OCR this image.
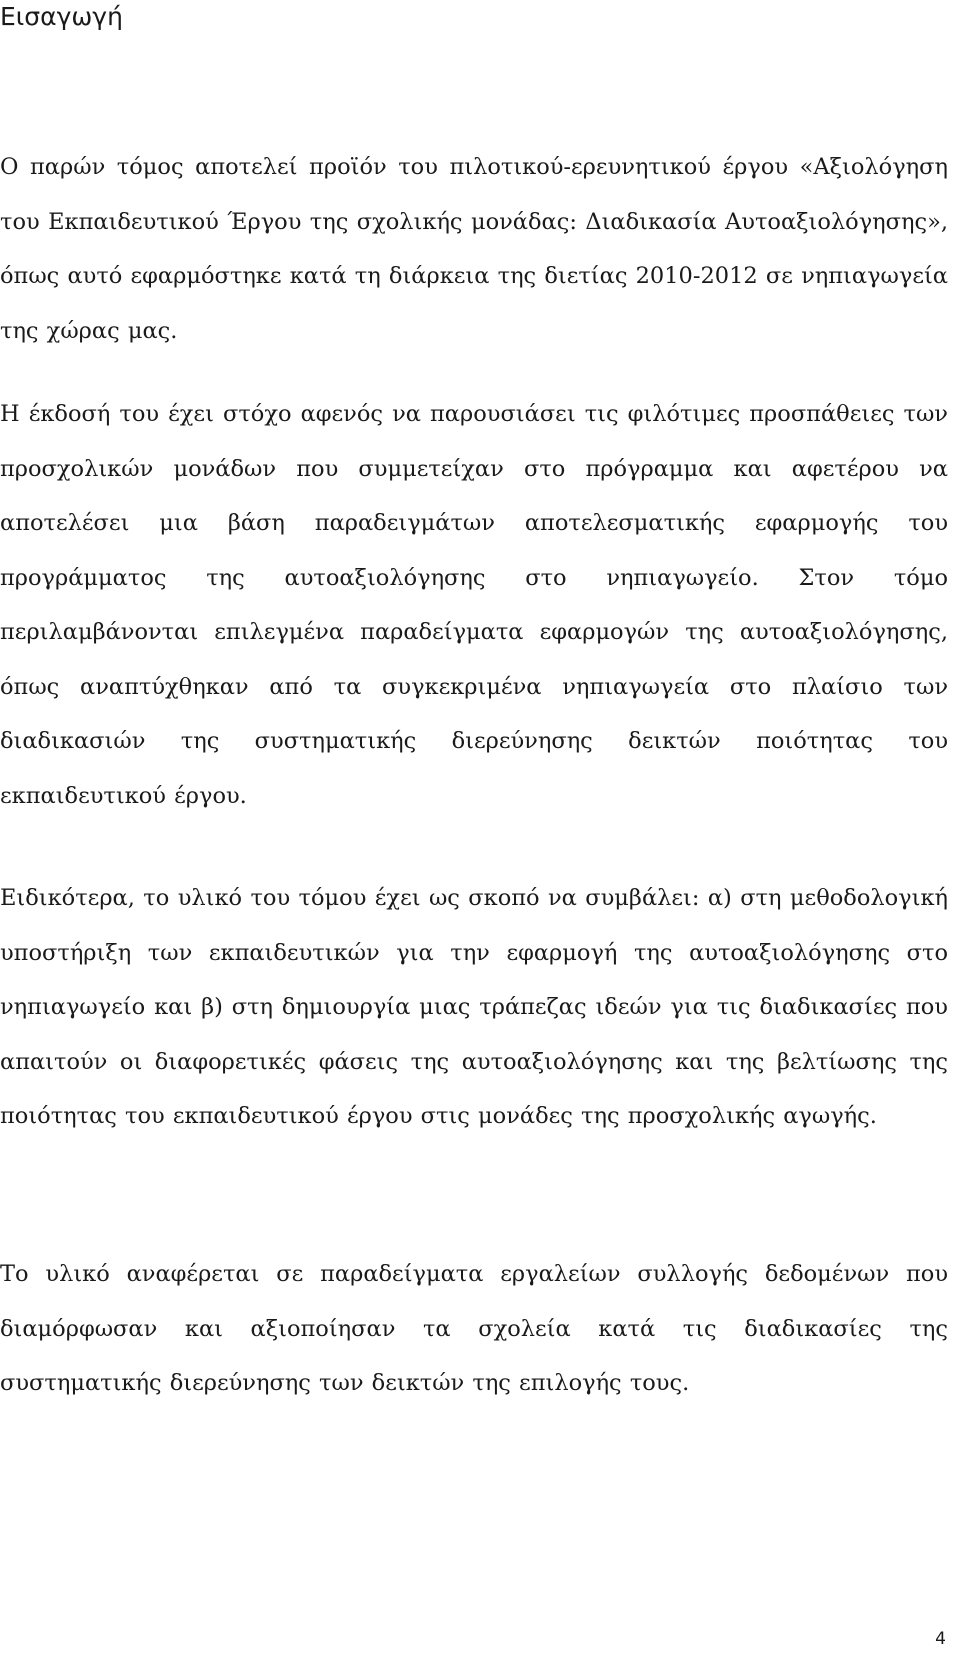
Εισαγωγή

Ο παρών τόμος αποτελεί προϊόν του πιλοτικού-ερευνητικού έργου «Αξιολόγηση του Εκπαιδευτικού Έργου της σχολικής μονάδας: Διαδικασία Αυτοαξιολόγησης», όπως αυτό εφαρμόστηκε κατά τη διάρκεια της διετίας 2010-2012 σε νηπιαγωγεία της χώρας μας.

Η έκδοσή του έχει στόχο αφενός να παρουσιάσει τις φιλότιμες προσπάθειες των προσχολικών μονάδων που συμμετείχαν στο πρόγραμμα και αφετέρου να αποτελέσει μια βάση παραδειγμάτων αποτελεσματικής εφαρμογής του προγράμματος της αυτοαξιολόγησης στο νηπιαγωγείο. Στον τόμο περιλαμβάνονται επιλεγμένα παραδείγματα εφαρμογών της αυτοαξιολόγησης, όπως αναπτύχθηκαν από τα συγκεκριμένα νηπιαγωγεία στο πλαίσιο των διαδικασιών της συστηματικής διερεύνησης δεικτών ποιότητας του εκπαιδευτικού έργου.

Ειδικότερα, το υλικό του τόμου έχει ως σκοπό να συμβάλει: α) στη μεθοδολογική υποστήριξη των εκπαιδευτικών για την εφαρμογή της αυτοαξιολόγησης στο νηπιαγωγείο και β) στη δημιουργία μιας τράπεζας ιδεών για τις διαδικασίες που απαιτούν οι διαφορετικές φάσεις της αυτοαξιολόγησης και της βελτίωσης της ποιότητας του εκπαιδευτικού έργου στις μονάδες της προσχολικής αγωγής.

Το υλικό αναφέρεται σε παραδείγματα εργαλείων συλλογής δεδομένων που διαμόρφωσαν και αξιοποίησαν τα σχολεία κατά τις διαδικασίες της συστηματικής διερεύνησης των δεικτών της επιλογής τους.

4
